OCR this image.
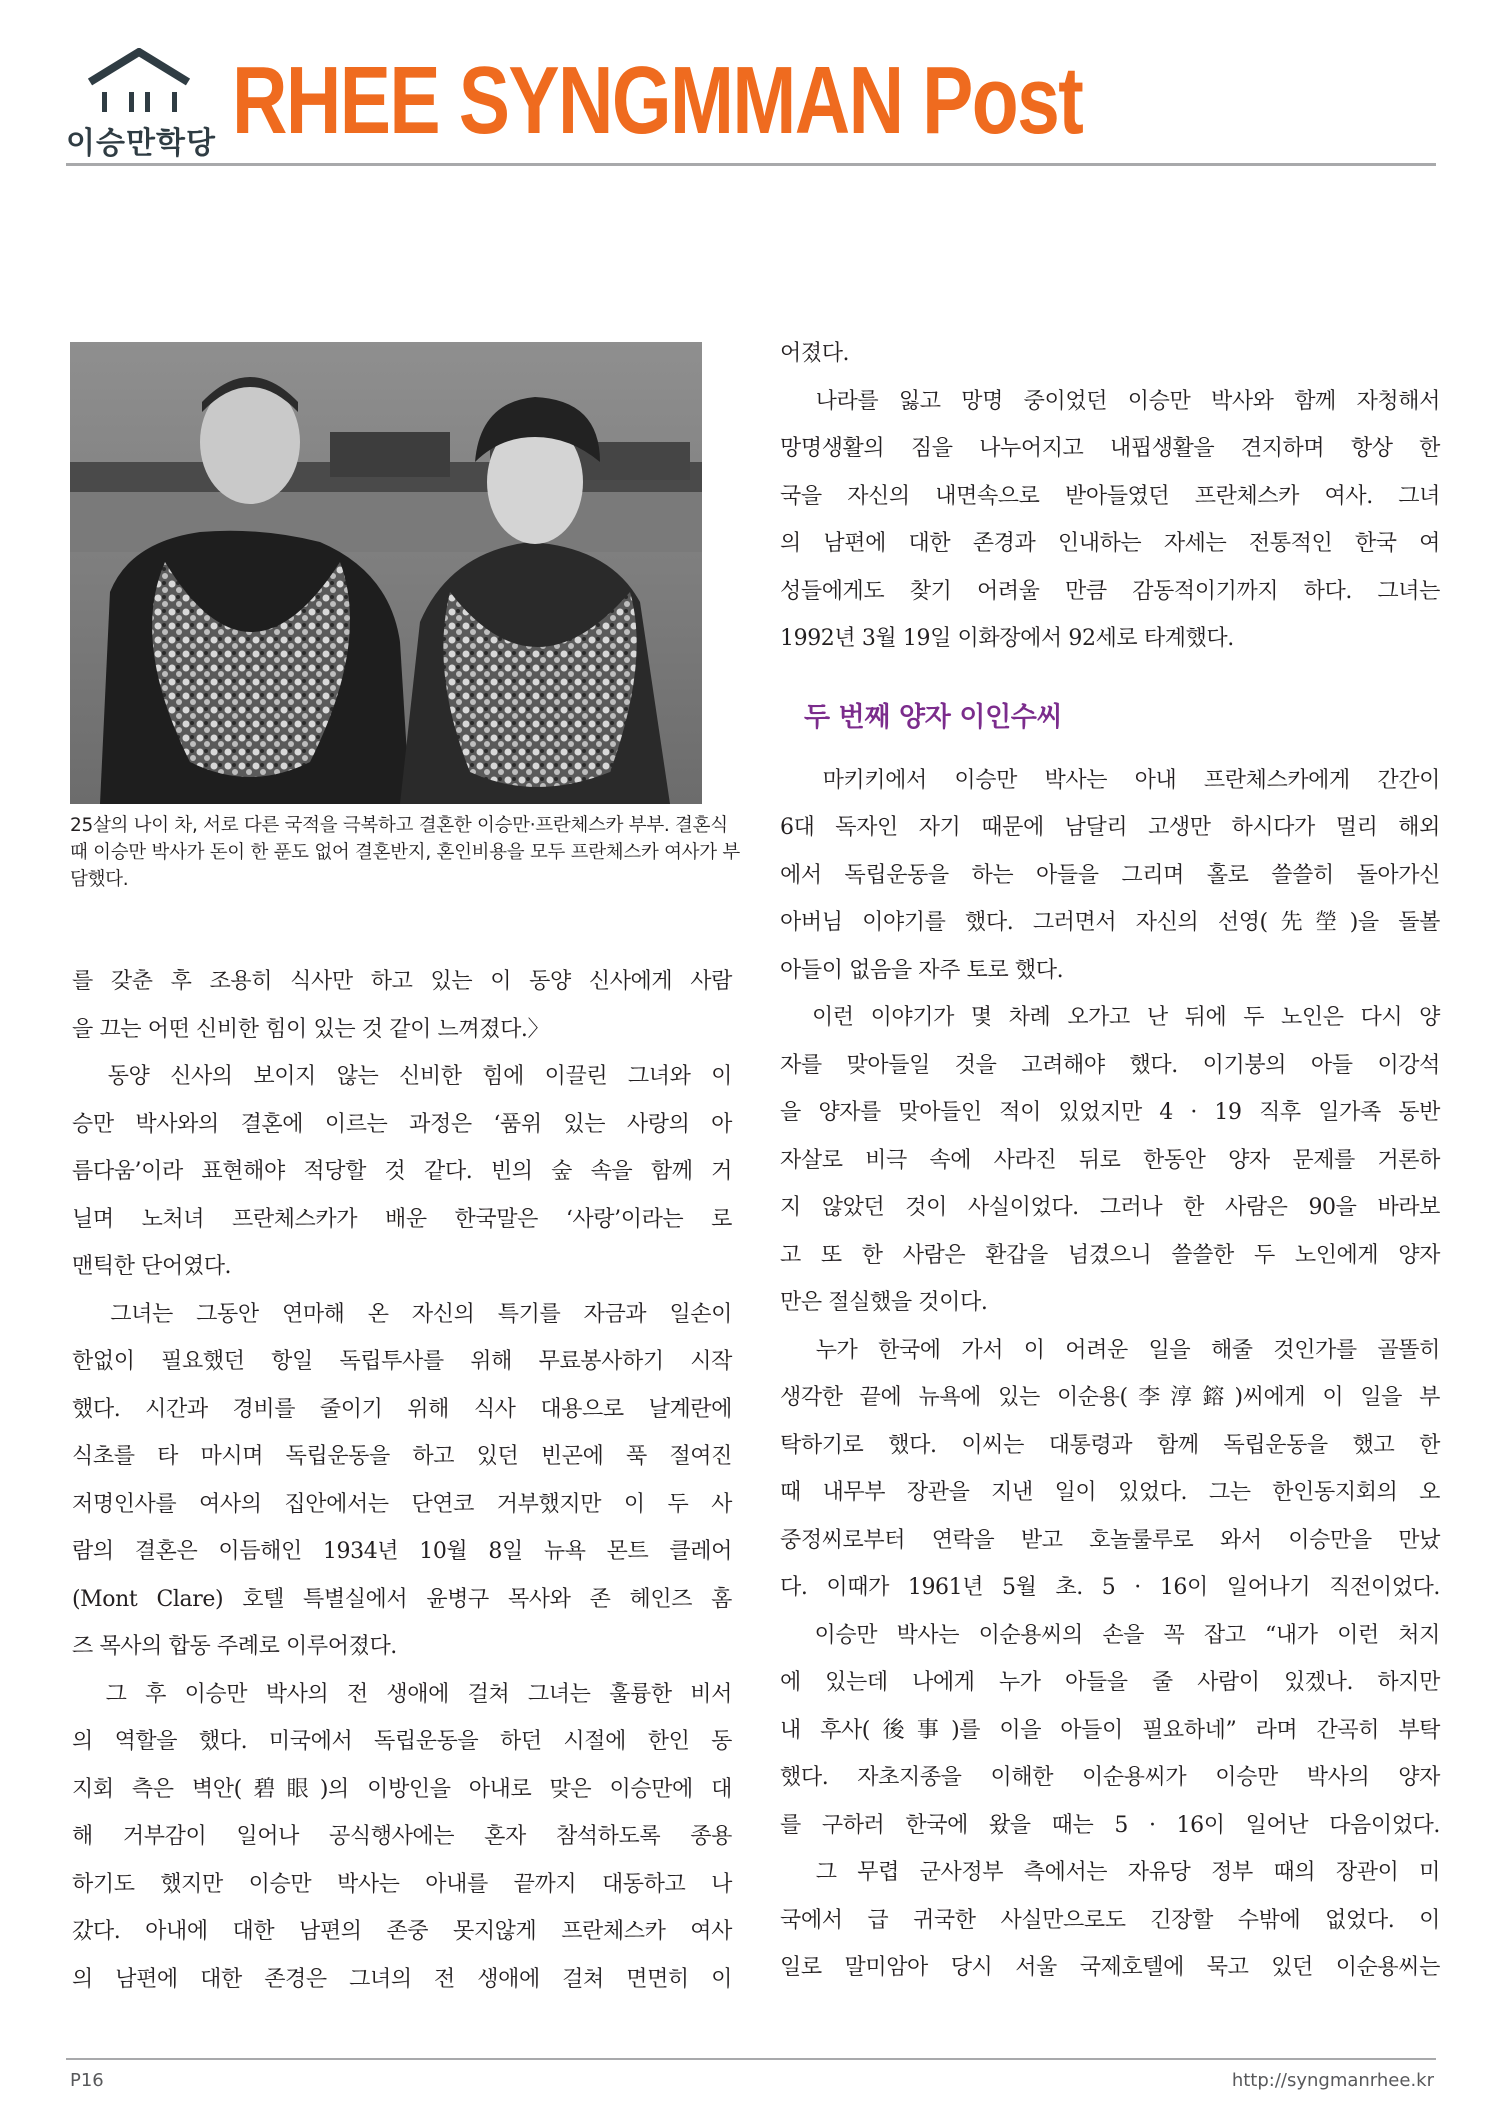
이승만학당 RHEE SYNGMMAN Post
25살의 나이 차, 서로 다른 국적을 극복하고 결혼한 이승만·프란체스카 부부. 결혼식 때 이승만 박사가 돈이 한 푼도 없어 결혼반지, 혼인비용을 모두 프란체스카 여사가 부담했다.
를 갖춘 후 조용히 식사만 하고 있는 이 동양 신사에게 사람
을 끄는 어떤 신비한 힘이 있는 것 같이 느껴졌다.〉
　동양 신사의 보이지 않는 신비한 힘에 이끌린 그녀와 이
승만 박사와의 결혼에 이르는 과정은 ‘품위 있는 사랑의 아
름다움’이라 표현해야 적당할 것 같다. 빈의 숲 속을 함께 거
닐며 노처녀 프란체스카가 배운 한국말은 ‘사랑’이라는 로
맨틱한 단어였다.
　그녀는 그동안 연마해 온 자신의 특기를 자금과 일손이
한없이 필요했던 항일 독립투사를 위해 무료봉사하기 시작
했다. 시간과 경비를 줄이기 위해 식사 대용으로 날계란에
식초를 타 마시며 독립운동을 하고 있던 빈곤에 푹 절여진
저명인사를 여사의 집안에서는 단연코 거부했지만 이 두 사
람의 결혼은 이듬해인 1934년 10월 8일 뉴욕 몬트 클레어
(Mont Clare) 호텔 특별실에서 윤병구 목사와 존 헤인즈 홈
즈 목사의 합동 주례로 이루어졌다.
　그 후 이승만 박사의 전 생애에 걸쳐 그녀는 훌륭한 비서
의 역할을 했다. 미국에서 독립운동을 하던 시절에 한인 동
지회 측은 벽안(碧眼)의 이방인을 아내로 맞은 이승만에 대
해 거부감이 일어나 공식행사에는 혼자 참석하도록 종용
하기도 했지만 이승만 박사는 아내를 끝까지 대동하고 나
갔다. 아내에 대한 남편의 존중 못지않게 프란체스카 여사
의 남편에 대한 존경은 그녀의 전 생애에 걸쳐 면면히 이
어졌다.
　나라를 잃고 망명 중이었던 이승만 박사와 함께 자청해서
망명생활의 짐을 나누어지고 내핍생활을 견지하며 항상 한
국을 자신의 내면속으로 받아들였던 프란체스카 여사. 그녀
의 남편에 대한 존경과 인내하는 자세는 전통적인 한국 여
성들에게도 찾기 어려울 만큼 감동적이기까지 하다. 그녀는
1992년 3월 19일 이화장에서 92세로 타계했다.
두 번째 양자 이인수씨
　마키키에서 이승만 박사는 아내 프란체스카에게 간간이
6대 독자인 자기 때문에 남달리 고생만 하시다가 멀리 해외
에서 독립운동을 하는 아들을 그리며 홀로 쓸쓸히 돌아가신
아버님 이야기를 했다. 그러면서 자신의 선영(先塋)을 돌볼
아들이 없음을 자주 토로 했다.
　이런 이야기가 몇 차례 오가고 난 뒤에 두 노인은 다시 양
자를 맞아들일 것을 고려해야 했다. 이기붕의 아들 이강석
을 양자를 맞아들인 적이 있었지만 4 · 19 직후 일가족 동반
자살로 비극 속에 사라진 뒤로 한동안 양자 문제를 거론하
지 않았던 것이 사실이었다. 그러나 한 사람은 90을 바라보
고 또 한 사람은 환갑을 넘겼으니 쓸쓸한 두 노인에게 양자
만은 절실했을 것이다.
　누가 한국에 가서 이 어려운 일을 해줄 것인가를 골똘히
생각한 끝에 뉴욕에 있는 이순용(李淳鎔)씨에게 이 일을 부
탁하기로 했다. 이씨는 대통령과 함께 독립운동을 했고 한
때 내무부 장관을 지낸 일이 있었다. 그는 한인동지회의 오
중정씨로부터 연락을 받고 호놀룰루로 와서 이승만을 만났
다. 이때가 1961년 5월 초. 5 · 16이 일어나기 직전이었다.
　이승만 박사는 이순용씨의 손을 꼭 잡고 “내가 이런 처지
에 있는데 나에게 누가 아들을 줄 사람이 있겠나. 하지만
내 후사(後事)를 이을 아들이 필요하네” 라며 간곡히 부탁
했다. 자초지종을 이해한 이순용씨가 이승만 박사의 양자
를 구하러 한국에 왔을 때는 5 · 16이 일어난 다음이었다.
　그 무렵 군사정부 측에서는 자유당 정부 때의 장관이 미
국에서 급 귀국한 사실만으로도 긴장할 수밖에 없었다. 이
일로 말미암아 당시 서울 국제호텔에 묵고 있던 이순용씨는
P16	http://syngmanrhee.kr
